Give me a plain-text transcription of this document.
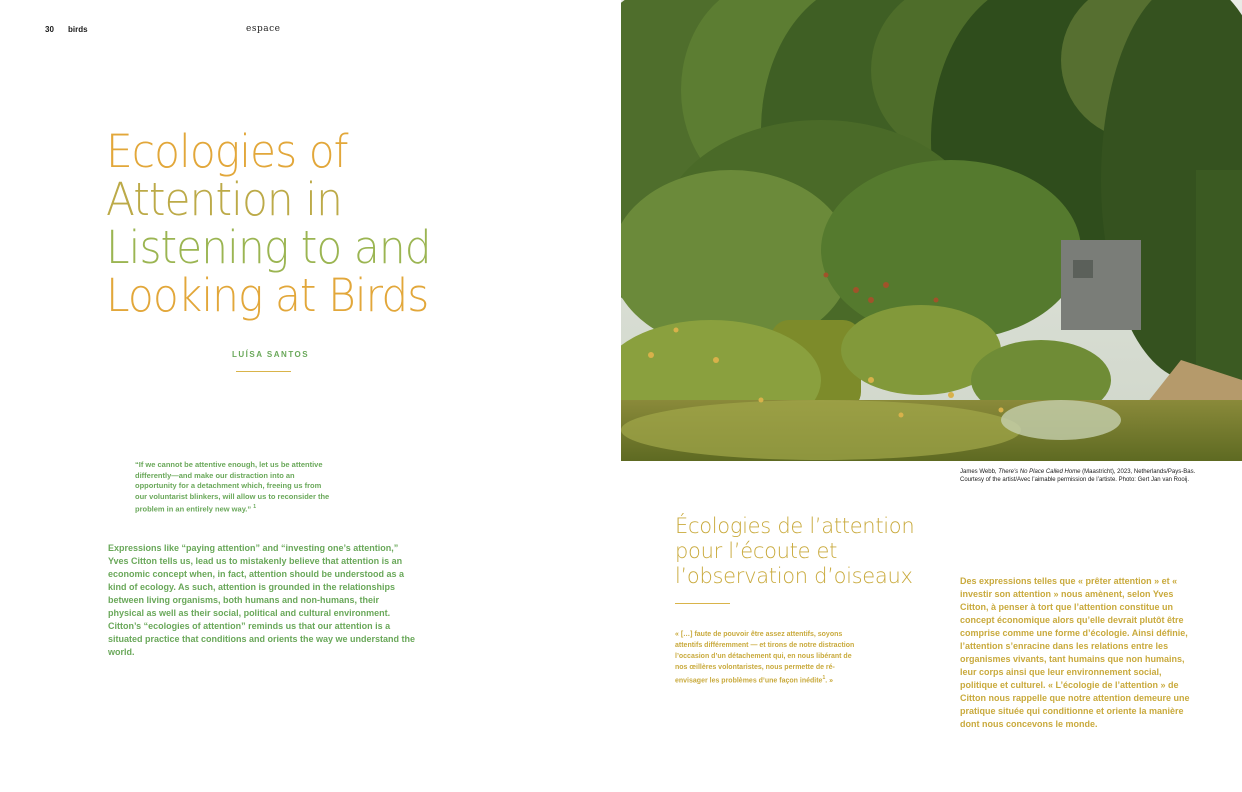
30 birds	espace
Ecologies of
Attention in
Listening to and
Looking at Birds
LUÍSA SANTOS
“If we cannot be attentive enough, let us be attentive differently—and make our distraction into an opportunity for a detachment which, freeing us from our voluntarist blinkers, will allow us to reconsider the problem in an entirely new way.” $^1$
Expressions like “paying attention” and “investing one’s attention,” Yves Citton tells us, lead us to mistakenly believe that attention is an economic concept when, in fact, attention should be understood as a kind of ecology. As such, attention is grounded in the relationships between living organisms, both humans and non-humans, their physical as well as their social, political and cultural environment. Citton’s “ecologies of attention” reminds us that our attention is a situated practice that conditions and orients the way we understand the world.
James Webb, There’s No Place Called Home (Maastricht), 2023, Netherlands/Pays-Bas.
Courtesy of the artist/Avec l’aimable permission de l’artiste. Photo: Gert Jan van Rooij.
Écologies de l’attention
pour l’écoute et
l’observation d’oiseaux
« […] faute de pouvoir être assez attentifs, soyons attentifs différemment — et tirons de notre distraction l’occasion d’un détachement qui, en nous libérant de nos œillères volontaristes, nous permette de ré-envisager les problèmes d’une façon inédite$^1$. »
Des expressions telles que « prêter attention » et « investir son attention » nous amènent, selon Yves Citton, à penser à tort que l’attention constitue un concept économique alors qu’elle devrait plutôt être comprise comme une forme d’écologie. Ainsi définie, l’attention s’enracine dans les relations entre les organismes vivants, tant humains que non humains, leur corps ainsi que leur environnement social, politique et culturel. « L’écologie de l’attention » de Citton nous rappelle que notre attention demeure une pratique située qui conditionne et oriente la manière dont nous concevons le monde.
